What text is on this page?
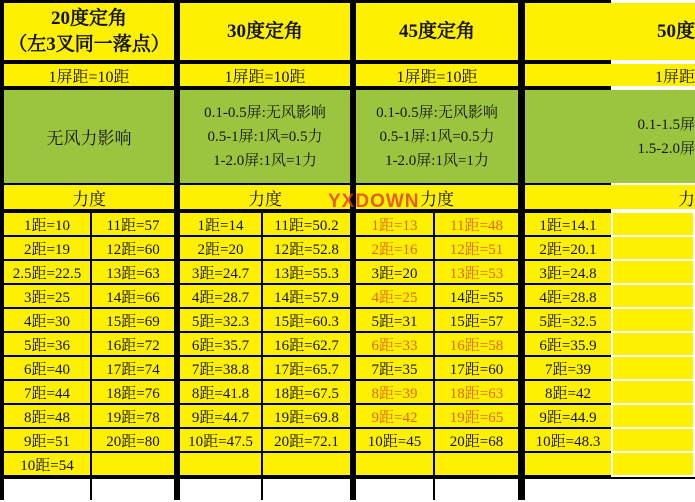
20度定角
（左3叉同一落点）
1屏距=10距
无风力影响
力度
1距=10	11距=57
2距=19	12距=60
2.5距=22.5	13距=63
3距=25	14距=66
4距=30	15距=69
5距=36	16距=72
6距=40	17距=74
7距=44	18距=76
8距=48	19距=78
9距=51	20距=80
10距=54
30度定角
1屏距=10距
0.1-0.5屏:无风影响
0.5-1屏:1风=0.5力
1-2.0屏:1风=1力
力度
1距=14	11距=50.2
2距=20	12距=52.8
3距=24.7	13距=55.3
4距=28.7	14距=57.9
5距=32.3	15距=60.3
6距=35.7	16距=62.7
7距=38.8	17距=65.7
8距=41.8	18距=67.5
9距=44.7	19距=69.8
10距=47.5	20距=72.1
45度定角
1屏距=10距
0.1-0.5屏:无风影响
0.5-1屏:1风=0.5力
1-2.0屏:1风=1力
力度
1距=13	11距=48
2距=16	12距=51
3距=20	13距=53
4距=25	14距=55
5距=31	15距=57
6距=33	16距=58
7距=35	17距=60
8距=39	18距=63
9距=42	19距=65
10距=45	20距=68
50度
1屏距
0.1-1.5屏
1.5-2.0屏
力
1距=14.1
2距=20.1
3距=24.8
4距=28.8
5距=32.5
6距=35.9
7距=39
8距=42
9距=44.9
10距=48.3
YXDOWN
